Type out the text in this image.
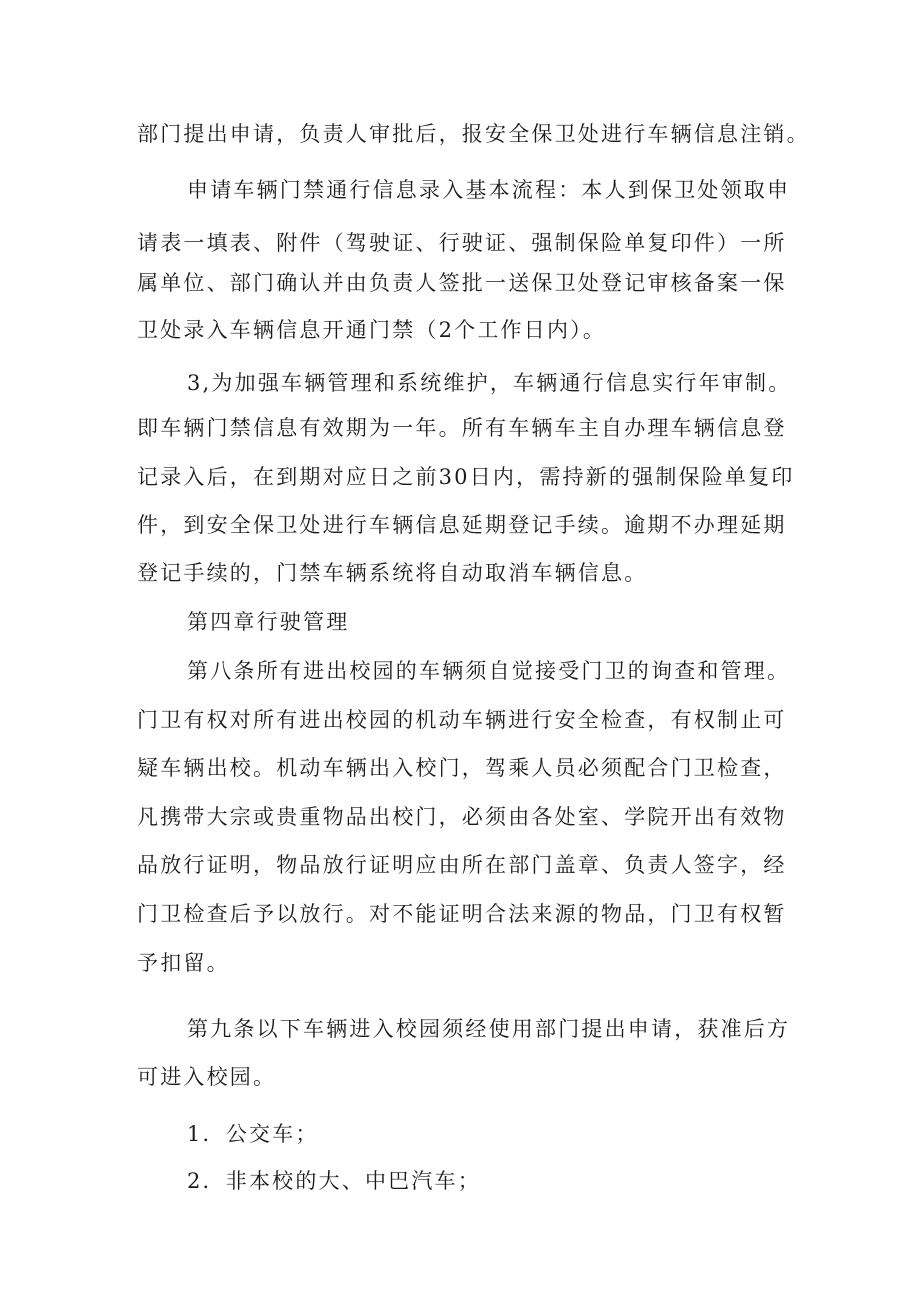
部门提出申请，负责人审批后，报安全保卫处进行车辆信息注销。

申请车辆门禁通行信息录入基本流程：本人到保卫处领取申

请表一填表、附件（驾驶证、行驶证、强制保险单复印件）一所

属单位、部门确认并由负责人签批一送保卫处登记审核备案一保

卫处录入车辆信息开通门禁（2个工作日内）。

3,为加强车辆管理和系统维护，车辆通行信息实行年审制。

即车辆门禁信息有效期为一年。所有车辆车主自办理车辆信息登

记录入后，在到期对应日之前30日内，需持新的强制保险单复印

件，到安全保卫处进行车辆信息延期登记手续。逾期不办理延期

登记手续的，门禁车辆系统将自动取消车辆信息。

第四章行驶管理

第八条所有进出校园的车辆须自觉接受门卫的询查和管理。

门卫有权对所有进出校园的机动车辆进行安全检查，有权制止可

疑车辆出校。机动车辆出入校门，驾乘人员必须配合门卫检查，

凡携带大宗或贵重物品出校门，必须由各处室、学院开出有效物

品放行证明，物品放行证明应由所在部门盖章、负责人签字，经

门卫检查后予以放行。对不能证明合法来源的物品，门卫有权暂

予扣留。

第九条以下车辆进入校园须经使用部门提出申请，获准后方

可进入校园。

1．公交车；

2．非本校的大、中巴汽车；
